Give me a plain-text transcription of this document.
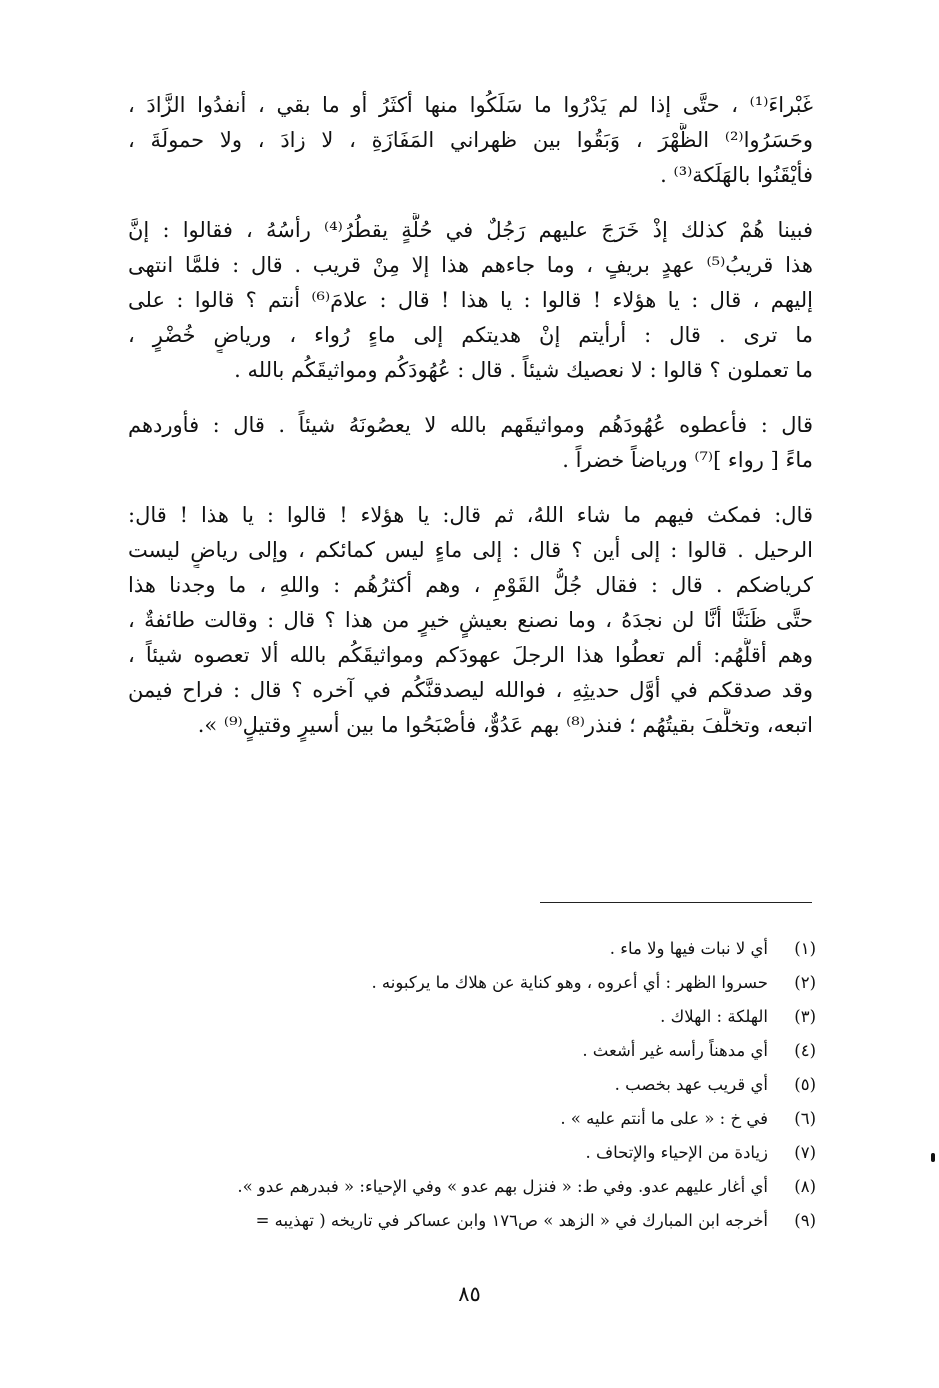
غَبْراءَ⁽¹⁾ ، حتَّى إذا لم يَدْرُوا ما سَلَكُوا منها أكثَرُ أو ما بقي ، أنفدُوا الزَّادَ ،
وحَسَرُوا⁽²⁾ الظَّهْرَ ، وَبَقُوا بين ظهراني المَفَازَةِ ، لا زادَ ، ولا حمولَةَ ،
فأيْقَنُوا بالهَلَكة⁽³⁾ .
فبينا هُمْ كذلك إذْ خَرَجَ عليهم رَجُلٌ في حُلَّةٍ يقطُرُ⁽⁴⁾ رأسُهُ ، فقالوا : إنَّ
هذا قريبُ⁽⁵⁾ عهدٍ بريفٍ ، وما جاءهم هذا إلا مِنْ قريب . قال : فلمَّا انتهى
إليهم ، قال : يا هؤلاء ! قالوا : يا هذا ! قال : علامَ⁽⁶⁾ أنتم ؟ قالوا : على
ما ترى . قال : أرأيتم إنْ هديتكم إلى ماءٍ رُواء ، ورياضٍ خُضْرٍ ،
ما تعملون ؟ قالوا : لا نعصيك شيئاً . قال : عُهُودَكُم ومواثيقَكُم بالله .
قال : فأعطوه عُهُودَهُم ومواثيقَهم بالله لا يعصُونَهُ شيئاً . قال : فأوردهم
ماءً [ رواء ]⁽⁷⁾ ورياضاً خضراً .
قال: فمكث فيهم ما شاء اللهُ، ثم قال: يا هؤلاء ! قالوا : يا هذا ! قال:
الرحيل . قالوا : إلى أين ؟ قال : إلى ماءٍ ليس كمائكم ، وإلى رياضٍ ليست
كرياضكم . قال : فقال جُلُّ القَوْمِ ، وهم أكثرُهُم : واللهِ ، ما وجدنا هذا
حتَّى ظَنَنَّا أنَّا لن نجدَهُ ، وما نصنع بعيشٍ خيرٍ من هذا ؟ قال : وقالت طائفةٌ ،
وهم أقلُّهُم: ألم تعطُوا هذا الرجلَ عهودَكم ومواثيقَكُم بالله ألا تعصوه شيئاً ،
وقد صدقكم في أوَّل حديثِهِ ، فوالله ليصدقنَّكُم في آخره ؟ قال : فراح فيمن
اتبعه، وتخلَّفَ بقيتُهُم ؛ فنذر⁽⁸⁾ بهم عَدُوٌّ، فأصْبَحُوا ما بين أسيرٍ وقتيلٍ⁽⁹⁾ ».
(١)
أي لا نبات فيها ولا ماء .
(٢)
حسروا الظهر : أي أعروه ، وهو كناية عن هلاك ما يركبونه .
(٣)
الهلكة : الهلاك .
(٤)
أي مدهناً رأسه غير أشعث .
(٥)
أي قريب عهد بخصب .
(٦)
في خ : « على ما أنتم عليه » .
(٧)
زيادة من الإحياء والإتحاف .
(٨)
أي أغار عليهم عدو. وفي ط: « فنزل بهم عدو » وفي الإحياء: « فبدرهم عدو ».
(٩)
أخرجه ابن المبارك في « الزهد » ص١٧٦ وابن عساكر في تاريخه ( تهذيبه =
٨٥
